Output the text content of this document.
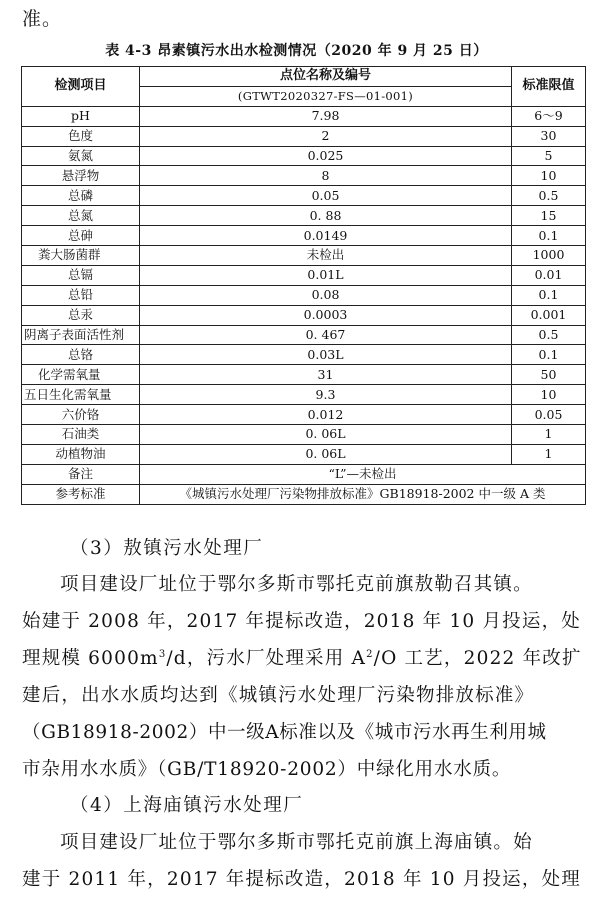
准。
表 4-3 昂素镇污水出水检测情况（2020 年 9 月 25 日）
检测项目	点位名称及编号	标准限值
	(GTWT2020327-FS—01-001)	
pH	7.98	6～9
色度	2	30
氨氮	0.025	5
悬浮物	8	10
总磷	0.05	0.5
总氮	0. 88	15
总砷	0.0149	0.1
粪大肠菌群	未检出	1000
总镉	0.01L	0.01
总铅	0.08	0.1
总汞	0.0003	0.001
阴离子表面活性剂	0. 467	0.5
总铬	0.03L	0.1
化学需氧量	31	50
五日生化需氧量	9.3	10
六价铬	0.012	0.05
石油类	0. 06L	1
动植物油	0. 06L	1
备注	“L”—未检出	
参考标准	《城镇污水处理厂污染物排放标准》GB18918-2002 中一级 A 类	
（3）敖镇污水处理厂
项目建设厂址位于鄂尔多斯市鄂托克前旗敖勒召其镇。
始建于 2008 年，2017 年提标改造，2018 年 10 月投运，处
理规模 $6000m^3/d$，污水厂处理采用 $A^2/O$ 工艺，2022 年改扩
建后，出水水质均达到《城镇污水处理厂污染物排放标准》
（GB18918-2002）中一级A标准以及《城市污水再生利用城
市杂用水水质》（GB/T18920-2002）中绿化用水水质。
（4）上海庙镇污水处理厂
项目建设厂址位于鄂尔多斯市鄂托克前旗上海庙镇。始
建于 2011 年，2017 年提标改造，2018 年 10 月投运，处理
